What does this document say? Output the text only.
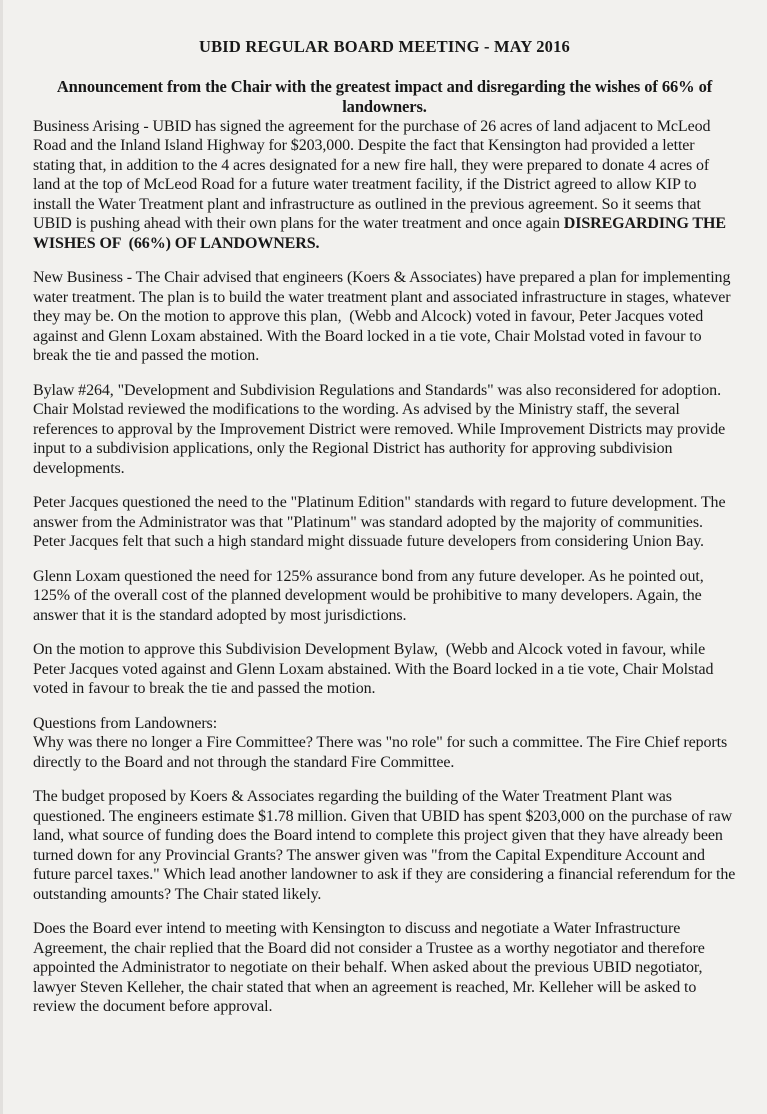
UBID REGULAR BOARD MEETING - MAY 2016
Announcement from the Chair with the greatest impact and disregarding the wishes of 66% of landowners.

Business Arising - UBID has signed the agreement for the purchase of 26 acres of land adjacent to McLeod Road and the Inland Island Highway for $203,000. Despite the fact that Kensington had provided a letter stating that, in addition to the 4 acres designated for a new fire hall, they were prepared to donate 4 acres of land at the top of McLeod Road for a future water treatment facility, if the District agreed to allow KIP to install the Water Treatment plant and infrastructure as outlined in the previous agreement. So it seems that UBID is pushing ahead with their own plans for the water treatment and once again DISREGARDING THE WISHES OF  (66%) OF LANDOWNERS.

New Business - The Chair advised that engineers (Koers & Associates) have prepared a plan for implementing water treatment. The plan is to build the water treatment plant and associated infrastructure in stages, whatever they may be. On the motion to approve this plan,  (Webb and Alcock) voted in favour, Peter Jacques voted against and Glenn Loxam abstained. With the Board locked in a tie vote, Chair Molstad voted in favour to break the tie and passed the motion.

Bylaw #264, "Development and Subdivision Regulations and Standards" was also reconsidered for adoption. Chair Molstad reviewed the modifications to the wording. As advised by the Ministry staff, the several references to approval by the Improvement District were removed. While Improvement Districts may provide input to a subdivision applications, only the Regional District has authority for approving subdivision developments.

Peter Jacques questioned the need to the "Platinum Edition" standards with regard to future development. The answer from the Administrator was that "Platinum" was standard adopted by the majority of communities. Peter Jacques felt that such a high standard might dissuade future developers from considering Union Bay.

Glenn Loxam questioned the need for 125% assurance bond from any future developer. As he pointed out, 125% of the overall cost of the planned development would be prohibitive to many developers. Again, the answer that it is the standard adopted by most jurisdictions.

On the motion to approve this Subdivision Development Bylaw,  (Webb and Alcock voted in favour, while Peter Jacques voted against and Glenn Loxam abstained. With the Board locked in a tie vote, Chair Molstad voted in favour to break the tie and passed the motion.

Questions from Landowners:
Why was there no longer a Fire Committee? There was "no role" for such a committee. The Fire Chief reports directly to the Board and not through the standard Fire Committee.

The budget proposed by Koers & Associates regarding the building of the Water Treatment Plant was questioned. The engineers estimate $1.78 million. Given that UBID has spent $203,000 on the purchase of raw land, what source of funding does the Board intend to complete this project given that they have already been turned down for any Provincial Grants? The answer given was "from the Capital Expenditure Account and future parcel taxes." Which lead another landowner to ask if they are considering a financial referendum for the outstanding amounts? The Chair stated likely.

Does the Board ever intend to meeting with Kensington to discuss and negotiate a Water Infrastructure Agreement, the chair replied that the Board did not consider a Trustee as a worthy negotiator and therefore appointed the Administrator to negotiate on their behalf. When asked about the previous UBID negotiator, lawyer Steven Kelleher, the chair stated that when an agreement is reached, Mr. Kelleher will be asked to review the document before approval.
